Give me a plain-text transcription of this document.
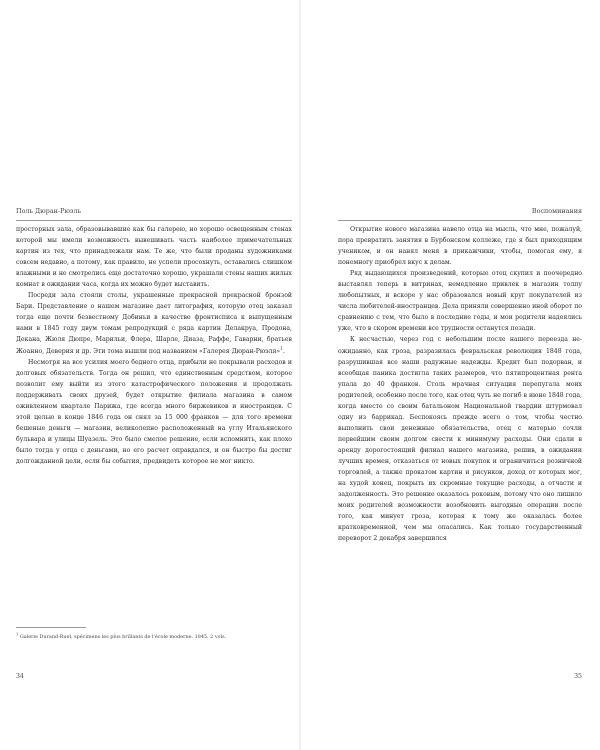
Поль Дюран-Рюэль

просторных зала, образовывавшие как бы галерею, но хорошо освещенным стенах которой мы имели возможность вывешивать часть наиболее примечательных картин из тех, что принадлежали нам. Те же, что были проданы художниками совсем недавно, а потому, как правило, не успели просохнуть, оставались слишком влажными и не смотрелись еще достаточно хорошо, украшали стены наших жилых комнат в ожидании часа, когда их можно будет выставить.

Посреди зала стояли столы, украшенные прекрасной прекрасной бронзой Бари. Представление о нашем магазине дает литография, которую отец заказал тогда еще почти безвестному Добиньи в качестве фронтисписа к выпущенным нами в 1845 году двум томам репродукций с ряда картин Делакруа, Продона, Декана, Жюля Дюпре, Марильи, Флера, Шарле, Диаза, Раффе, Гаварни, братьев Жоанно, Деверия и др. Эти тома вышли под названием «Галерея Дюран-Рюэля»$^1$.

Несмотря на все усилия моего бедного отца, прибыли не покрывали расходов и долговых обязательств. Тогда он решил, что единственным средством, которое позволит ему выйти из этого катастрофического положения и продолжать поддерживать своих друзей, будет открытие филиала магазина в самом оживленном квартале Парижа, где всегда много биржевиков и иностранцев. С этой целью в конце 1846 года он снял за 15 000 франков — для того времени бешеные деньги — магазин, великолепно расположенный на углу Итальянского бульвара и улицы Шуазель. Это было смелое решение, если вспомнить, как плохо было тогда у отца с деньгами, но его расчет оправдался, и он быстро бы достиг долгожданной цели, если бы события, предвидеть которое не мог никто.

$^1$ Galerie Durand-Ruel, spécimens les plus brillants de l'école moderne. 1845. 2 vols.
34
Воспоминания

Открытие нового магазина навело отца на мысль, что мне, пожалуй, пора превратить занятия в Бурбонском коллеже, где я был приходящим учеником, и он нанял меня в прикажчики, чтобы, помогая ему, я понемногу приобрел вкус к делам.

Ряд выдающихся произведений, которые отец скупил и поочередно выставлял теперь в витринах, немедленно привлек в магазин толпу любопытных, и вскоре у нас образовался новый круг покупателей из числа любителей-иностранцев. Дела приняли совершенно иной оборот по сравнению с тем, что было в последние годы, и мои родители надеялись уже, что в скором времени все трудности останутся позади.

К несчастью, через год с небольшим после нашего переезда неожиданно, как гроза, разразилась февральская революция 1848 года, разрушившая все наши радужные надежды. Кредит был подорван, и всеобщая паника достигла таких размеров, что пятипроцентная рента упала до 40 франков. Столь мрачная ситуация перепугала моих родителей, особенно после того, как отец чуть не погиб в июне 1848 года, когда вместе со своим батальоном Национальной гвардии штурмовал одну из баррикад. Беспокоясь прежде всего о том, чтобы честно выполнить свои денежные обязательства, отец с матерью сочли первейшим своим долгом свести к минимуму расходы. Они сдали в аренду дорогостоящий филиал нашего магазина, решив, в ожидании лучших времен, отказаться от новых покупок и ограничиться розничной торговлей, а также прокатом картин и рисунков, доход от которых мог, на худой конец, покрыть их скромные текущие расходы, а отчасти и задолженность. Это решение оказалось роковым, потому что оно лишило моих родителей возможности возобновить выгодные операции после того, как минует гроза, которая к тому же оказалась более кратковременной, чем мы опасались. Как только государственный переворот 2 декабря завершился

35
